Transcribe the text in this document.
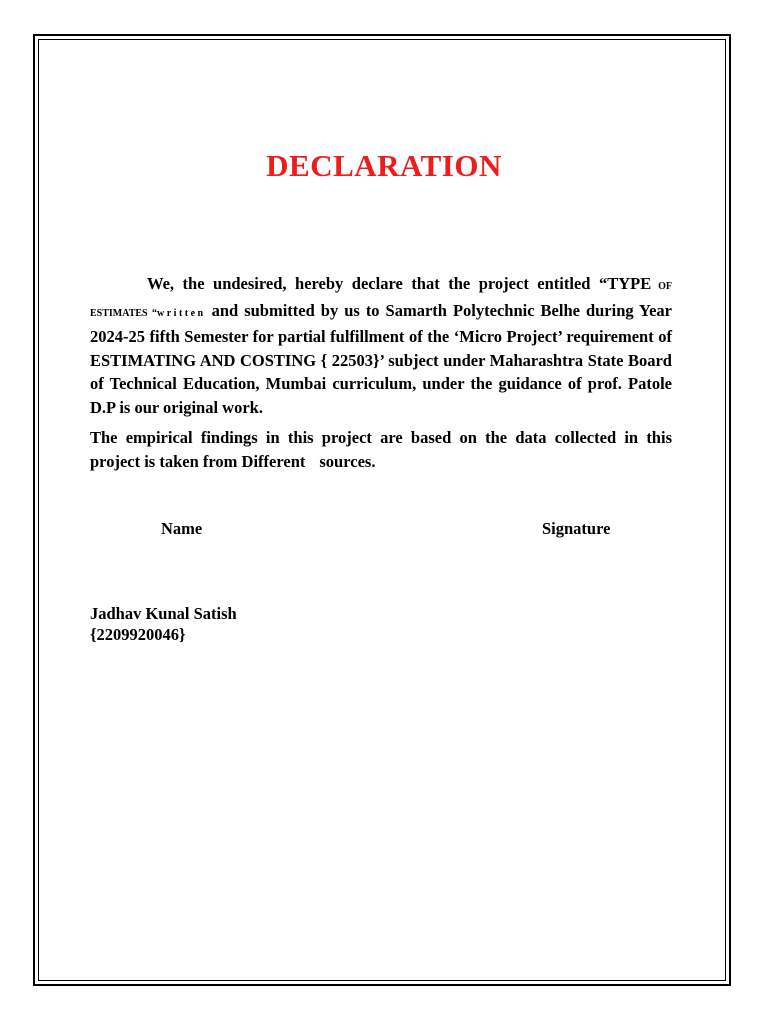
DECLARATION
We, the undesired, hereby declare that the project entitled “TYPE OF ESTIMATES “written and submitted by us to Samarth Polytechnic Belhe during Year 2024-25 fifth Semester for partial fulfillment of the ‘Micro Project’ requirement of ESTIMATING AND COSTING { 22503}’ subject under Maharashtra State Board of Technical Education, Mumbai curriculum, under the guidance of prof. Patole D.P is our original work.
The empirical findings in this project are based on the data collected in this project is taken from Different sources.
Name	Signature
Jadhav Kunal Satish
{2209920046}
